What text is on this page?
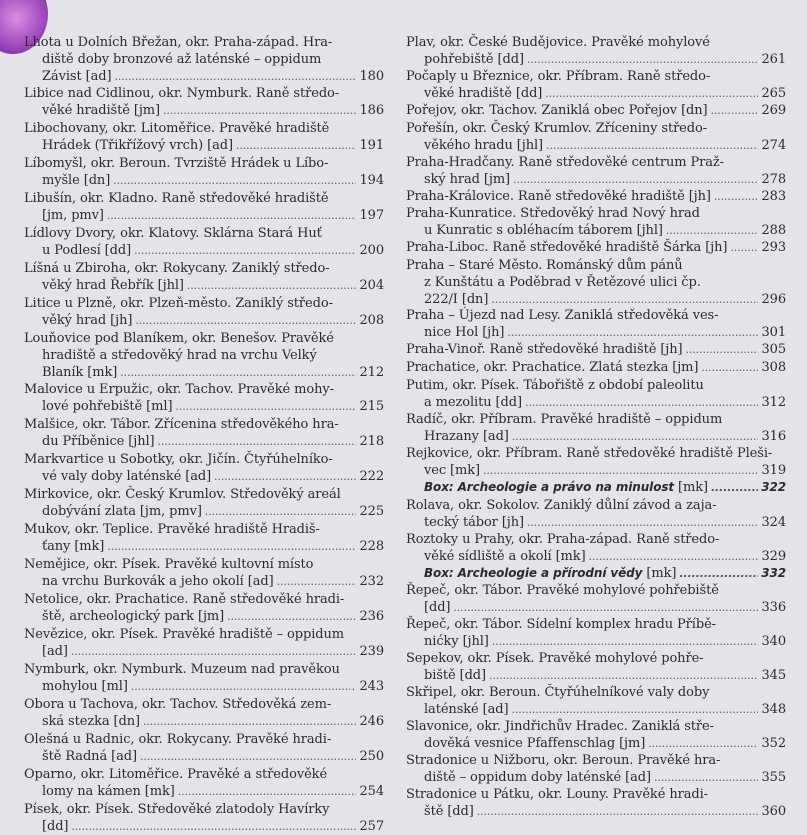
Lhota u Dolních Břežan, okr. Praha-západ. Hra-
diště doby bronzové až laténské – oppidum
Závist [ad] .....	180
Libice nad Cidlinou, okr. Nymburk. Raně středo-
věké hradiště [jm] .....	186
Libochovany, okr. Litoměřice. Pravěké hradiště
Hrádek (Třikřížový vrch) [ad] .....	191
Líbomyšl, okr. Beroun. Tvrziště Hrádek u Líbo-
myšle [dn] .....	194
Libušín, okr. Kladno. Raně středověké hradiště
[jm, pmv] .....	197
Lídlovy Dvory, okr. Klatovy. Sklárna Stará Huť
u Podlesí [dd] .....	200
Líšná u Zbiroha, okr. Rokycany. Zaniklý středo-
věký hrad Řebřík [jhl] .....	204
Litice u Plzně, okr. Plzeň-město. Zaniklý středo-
věký hrad [jh] .....	208
Louňovice pod Blaníkem, okr. Benešov. Pravěké
hradiště a středověký hrad na vrchu Velký
Blaník [mk] .....	212
Malovice u Erpužic, okr. Tachov. Pravěké mohy-
lové pohřebiště [ml] .....	215
Malšice, okr. Tábor. Zřícenina středověkého hra-
du Příběnice [jhl] .....	218
Markvartice u Sobotky, okr. Jičín. Čtyřúhelníko-
vé valy doby laténské [ad] .....	222
Mirkovice, okr. Český Krumlov. Středověký areál
dobývání zlata [jm, pmv] .....	225
Mukov, okr. Teplice. Pravěké hradiště Hradiš-
ťany [mk] .....	228
Nemějice, okr. Písek. Pravěké kultovní místo
na vrchu Burkovák a jeho okolí [ad] .....	232
Netolice, okr. Prachatice. Raně středověké hradi-
ště, archeologický park [jm] .....	236
Nevězice, okr. Písek. Pravěké hradiště – oppidum
[ad] .....	239
Nymburk, okr. Nymburk. Muzeum nad pravěkou
mohylou [ml] .....	243
Obora u Tachova, okr. Tachov. Středověká zem-
ská stezka [dn] .....	246
Olešná u Radnic, okr. Rokycany. Pravěké hradi-
ště Radná [ad] .....	250
Oparno, okr. Litoměřice. Pravěké a středověké
lomy na kámen [mk] .....	254
Písek, okr. Písek. Středověké zlatodoly Havírky
[dd] .....	257
Plav, okr. České Budějovice. Pravěké mohylové
pohřebiště [dd] .....	261
Počaply u Březnice, okr. Příbram. Raně středo-
věké hradiště [dd] .....	265
Pořejov, okr. Tachov. Zaniklá obec Pořejov [dn] .....	269
Pořešín, okr. Český Krumlov. Zříceniny středo-
věkého hradu [jhl] .....	274
Praha-Hradčany. Raně středověké centrum Praž-
ský hrad [jm] .....	278
Praha-Královice. Raně středověké hradiště [jh] .....	283
Praha-Kunratice. Středověký hrad Nový hrad
u Kunratic s obléhacím táborem [jhl] .....	288
Praha-Liboc. Raně středověké hradiště Šárka [jh] .....	293
Praha – Staré Město. Románský dům pánů
z Kunštátu a Poděbrad v Řetězové ulici čp.
222/I [dn] .....	296
Praha – Újezd nad Lesy. Zaniklá středověká ves-
nice Hol [jh] .....	301
Praha-Vinoř. Raně středověké hradiště [jh] .....	305
Prachatice, okr. Prachatice. Zlatá stezka [jm] .....	308
Putim, okr. Písek. Tábořiště z období paleolitu
a mezolitu [dd] .....	312
Radíč, okr. Příbram. Pravěké hradiště – oppidum
Hrazany [ad] .....	316
Rejkovice, okr. Příbram. Raně středověké hradiště Pleši-
vec [mk] .....	319
Box: Archeologie a právo na minulost [mk] .....	322
Rolava, okr. Sokolov. Zaniklý důlní závod a zaja-
tecký tábor [jh] .....	324
Roztoky u Prahy, okr. Praha-západ. Raně středo-
věké sídliště a okolí [mk] .....	329
Box: Archeologie a přírodní vědy [mk] .....	332
Řepeč, okr. Tábor. Pravěké mohylové pohřebiště
[dd] .....	336
Řepeč, okr. Tábor. Sídelní komplex hradu Příbě-
nićky [jhl] .....	340
Sepekov, okr. Písek. Pravěké mohylové pohře-
biště [dd] .....	345
Skřipel, okr. Beroun. Čtyřúhelníkové valy doby
laténské [ad] .....	348
Slavonice, okr. Jindřichův Hradec. Zaniklá stře-
dověká vesnice Pfaffenschlag [jm] .....	352
Stradonice u Nižboru, okr. Beroun. Pravěké hra-
diště – oppidum doby laténské [ad] .....	355
Stradonice u Pátku, okr. Louny. Pravěké hradi-
ště [dd] .....	360
